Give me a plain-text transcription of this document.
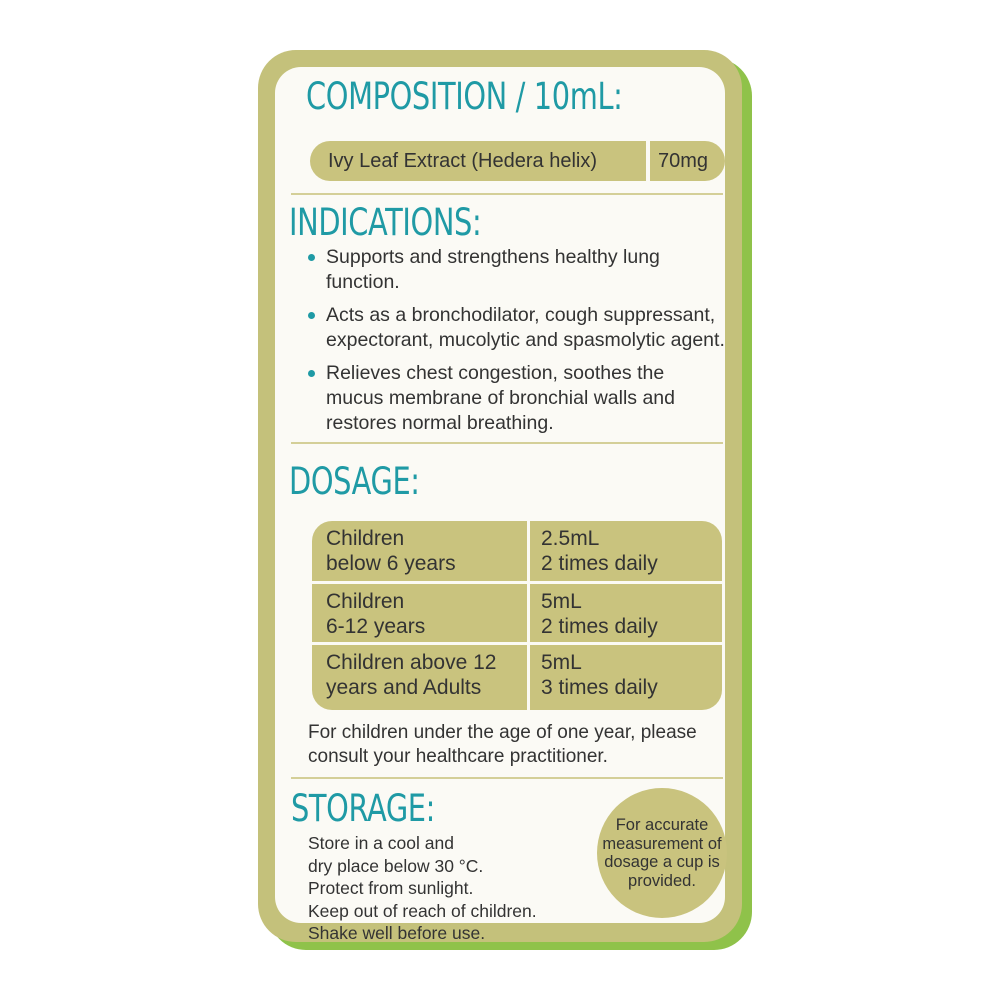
COMPOSITION / 10mL:
Ivy Leaf Extract (Hedera helix)	70mg
INDICATIONS:
Supports and strengthens healthy lung function.
Acts as a bronchodilator, cough suppressant, expectorant, mucolytic and spasmolytic agent.
Relieves chest congestion, soothes the mucus membrane of bronchial walls and restores normal breathing.
DOSAGE:
Children
below 6 years
2.5mL
2 times daily
Children
6-12 years
5mL
2 times daily
Children above 12
years and Adults
5mL
3 times daily

For children under the age of one year, please consult your healthcare practitioner.

STORAGE:
Store in a cool and
dry place below 30 °C.
Protect from sunlight.
Keep out of reach of children.
Shake well before use.
For accurate measurement of dosage a cup is provided.
